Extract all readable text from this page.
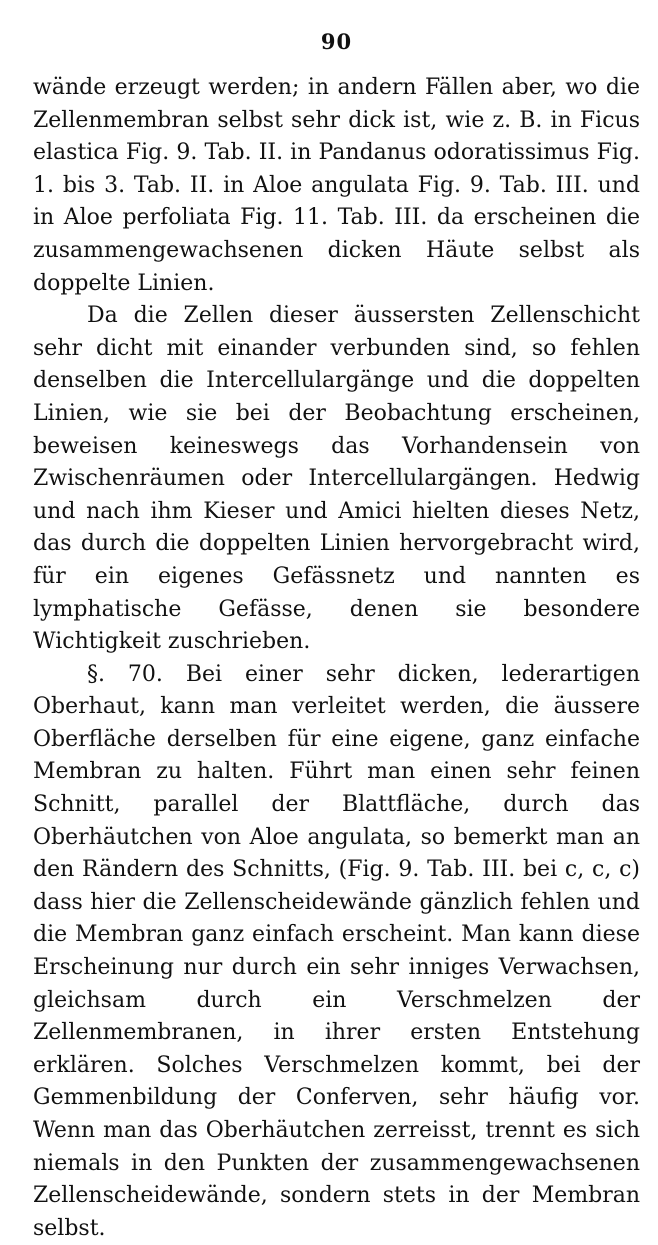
90

wände erzeugt werden; in andern Fällen aber, wo die Zellenmembran selbst sehr dick ist, wie z. B. in Ficus elastica Fig. 9. Tab. II. in Pandanus odoratissimus Fig. 1. bis 3. Tab. II. in Aloe angulata Fig. 9. Tab. III. und in Aloe perfoliata Fig. 11. Tab. III. da erscheinen die zusammengewachsenen dicken Häute selbst als doppelte Linien.

Da die Zellen dieser äussersten Zellenschicht sehr dicht mit einander verbunden sind, so fehlen denselben die Intercellulargänge und die doppelten Linien, wie sie bei der Beobachtung erscheinen, beweisen keineswegs das Vorhandensein von Zwischenräumen oder Intercellulargängen. Hedwig und nach ihm Kieser und Amici hielten dieses Netz, das durch die doppelten Linien hervorgebracht wird, für ein eigenes Gefässnetz und nannten es lymphatische Gefässe, denen sie besondere Wichtigkeit zuschrieben.

§. 70. Bei einer sehr dicken, lederartigen Oberhaut, kann man verleitet werden, die äussere Oberfläche derselben für eine eigene, ganz einfache Membran zu halten. Führt man einen sehr feinen Schnitt, parallel der Blattfläche, durch das Oberhäutchen von Aloe angulata, so bemerkt man an den Rändern des Schnitts, (Fig. 9. Tab. III. bei c, c, c) dass hier die Zellenscheidewände gänzlich fehlen und die Membran ganz einfach erscheint. Man kann diese Erscheinung nur durch ein sehr inniges Verwachsen, gleichsam durch ein Verschmelzen der Zellenmembranen, in ihrer ersten Entstehung erklären. Solches Verschmelzen kommt, bei der Gemmenbildung der Conferven, sehr häufig vor. Wenn man das Oberhäutchen zerreisst, trennt es sich niemals in den Punkten der zusammengewachsenen Zellenscheidewände, sondern stets in der Membran selbst.
